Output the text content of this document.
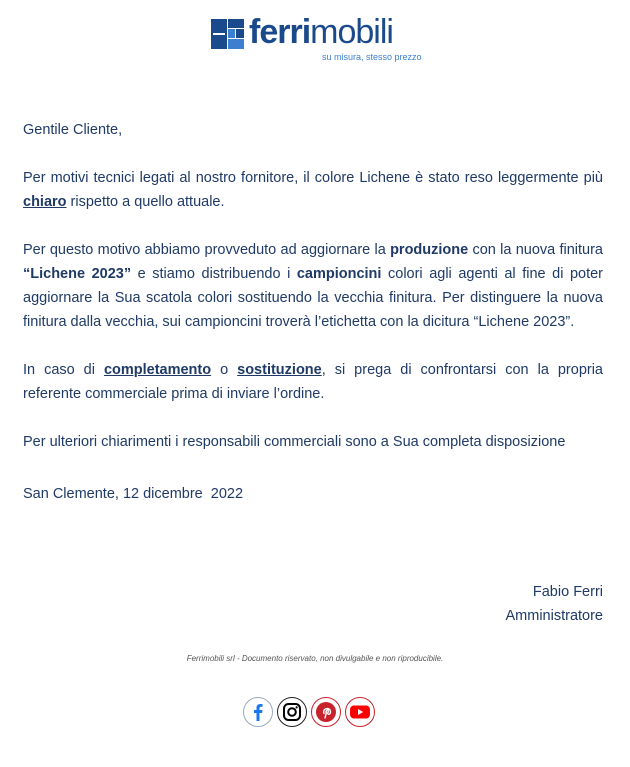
ferrimobili
su misura, stesso prezzo

Gentile Cliente,

Per motivi tecnici legati al nostro fornitore, il colore Lichene è stato reso leggermente più chiaro rispetto a quello attuale.

Per questo motivo abbiamo provveduto ad aggiornare la produzione con la nuova finitura “Lichene 2023” e stiamo distribuendo i campioncini colori agli agenti al fine di poter aggiornare la Sua scatola colori sostituendo la vecchia finitura. Per distinguere la nuova finitura dalla vecchia, sui campioncini troverà l’etichetta con la dicitura “Lichene 2023”.

In caso di completamento o sostituzione, si prega di confrontarsi con la propria referente commerciale prima di inviare l’ordine.

Per ulteriori chiarimenti i responsabili commerciali sono a Sua completa disposizione

San Clemente, 12 dicembre  2022

Fabio Ferri
Amministratore
Ferrimobili srl - Documento riservato, non divulgabile e non riproducibile.
